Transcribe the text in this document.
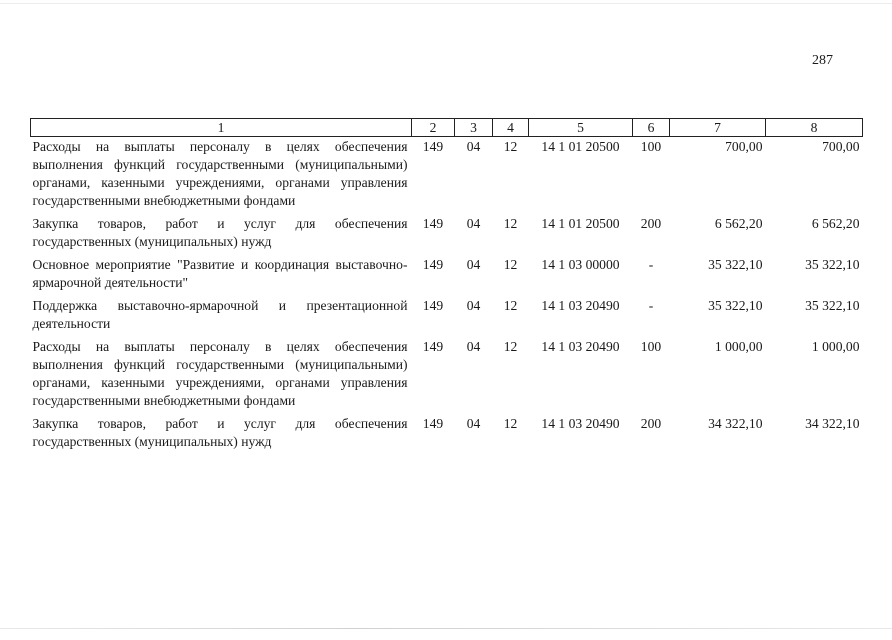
287
1	2	3	4	5	6	7	8
Расходы на выплаты персоналу в целях обеспечения выполнения функций государственными (муниципальными) органами, казенными учреждениями, органами управления государственными внебюджетными фондами	149	04	12	14 1 01 20500	100	700,00	700,00
Закупка товаров, работ и услуг для обеспечения государственных (муниципальных) нужд	149	04	12	14 1 01 20500	200	6 562,20	6 562,20
Основное мероприятие "Развитие и координация выставочно-ярмарочной деятельности"	149	04	12	14 1 03 00000	-	35 322,10	35 322,10
Поддержка выставочно-ярмарочной и презентационной деятельности	149	04	12	14 1 03 20490	-	35 322,10	35 322,10
Расходы на выплаты персоналу в целях обеспечения выполнения функций государственными (муниципальными) органами, казенными учреждениями, органами управления государственными внебюджетными фондами	149	04	12	14 1 03 20490	100	1 000,00	1 000,00
Закупка товаров, работ и услуг для обеспечения государственных (муниципальных) нужд	149	04	12	14 1 03 20490	200	34 322,10	34 322,10
